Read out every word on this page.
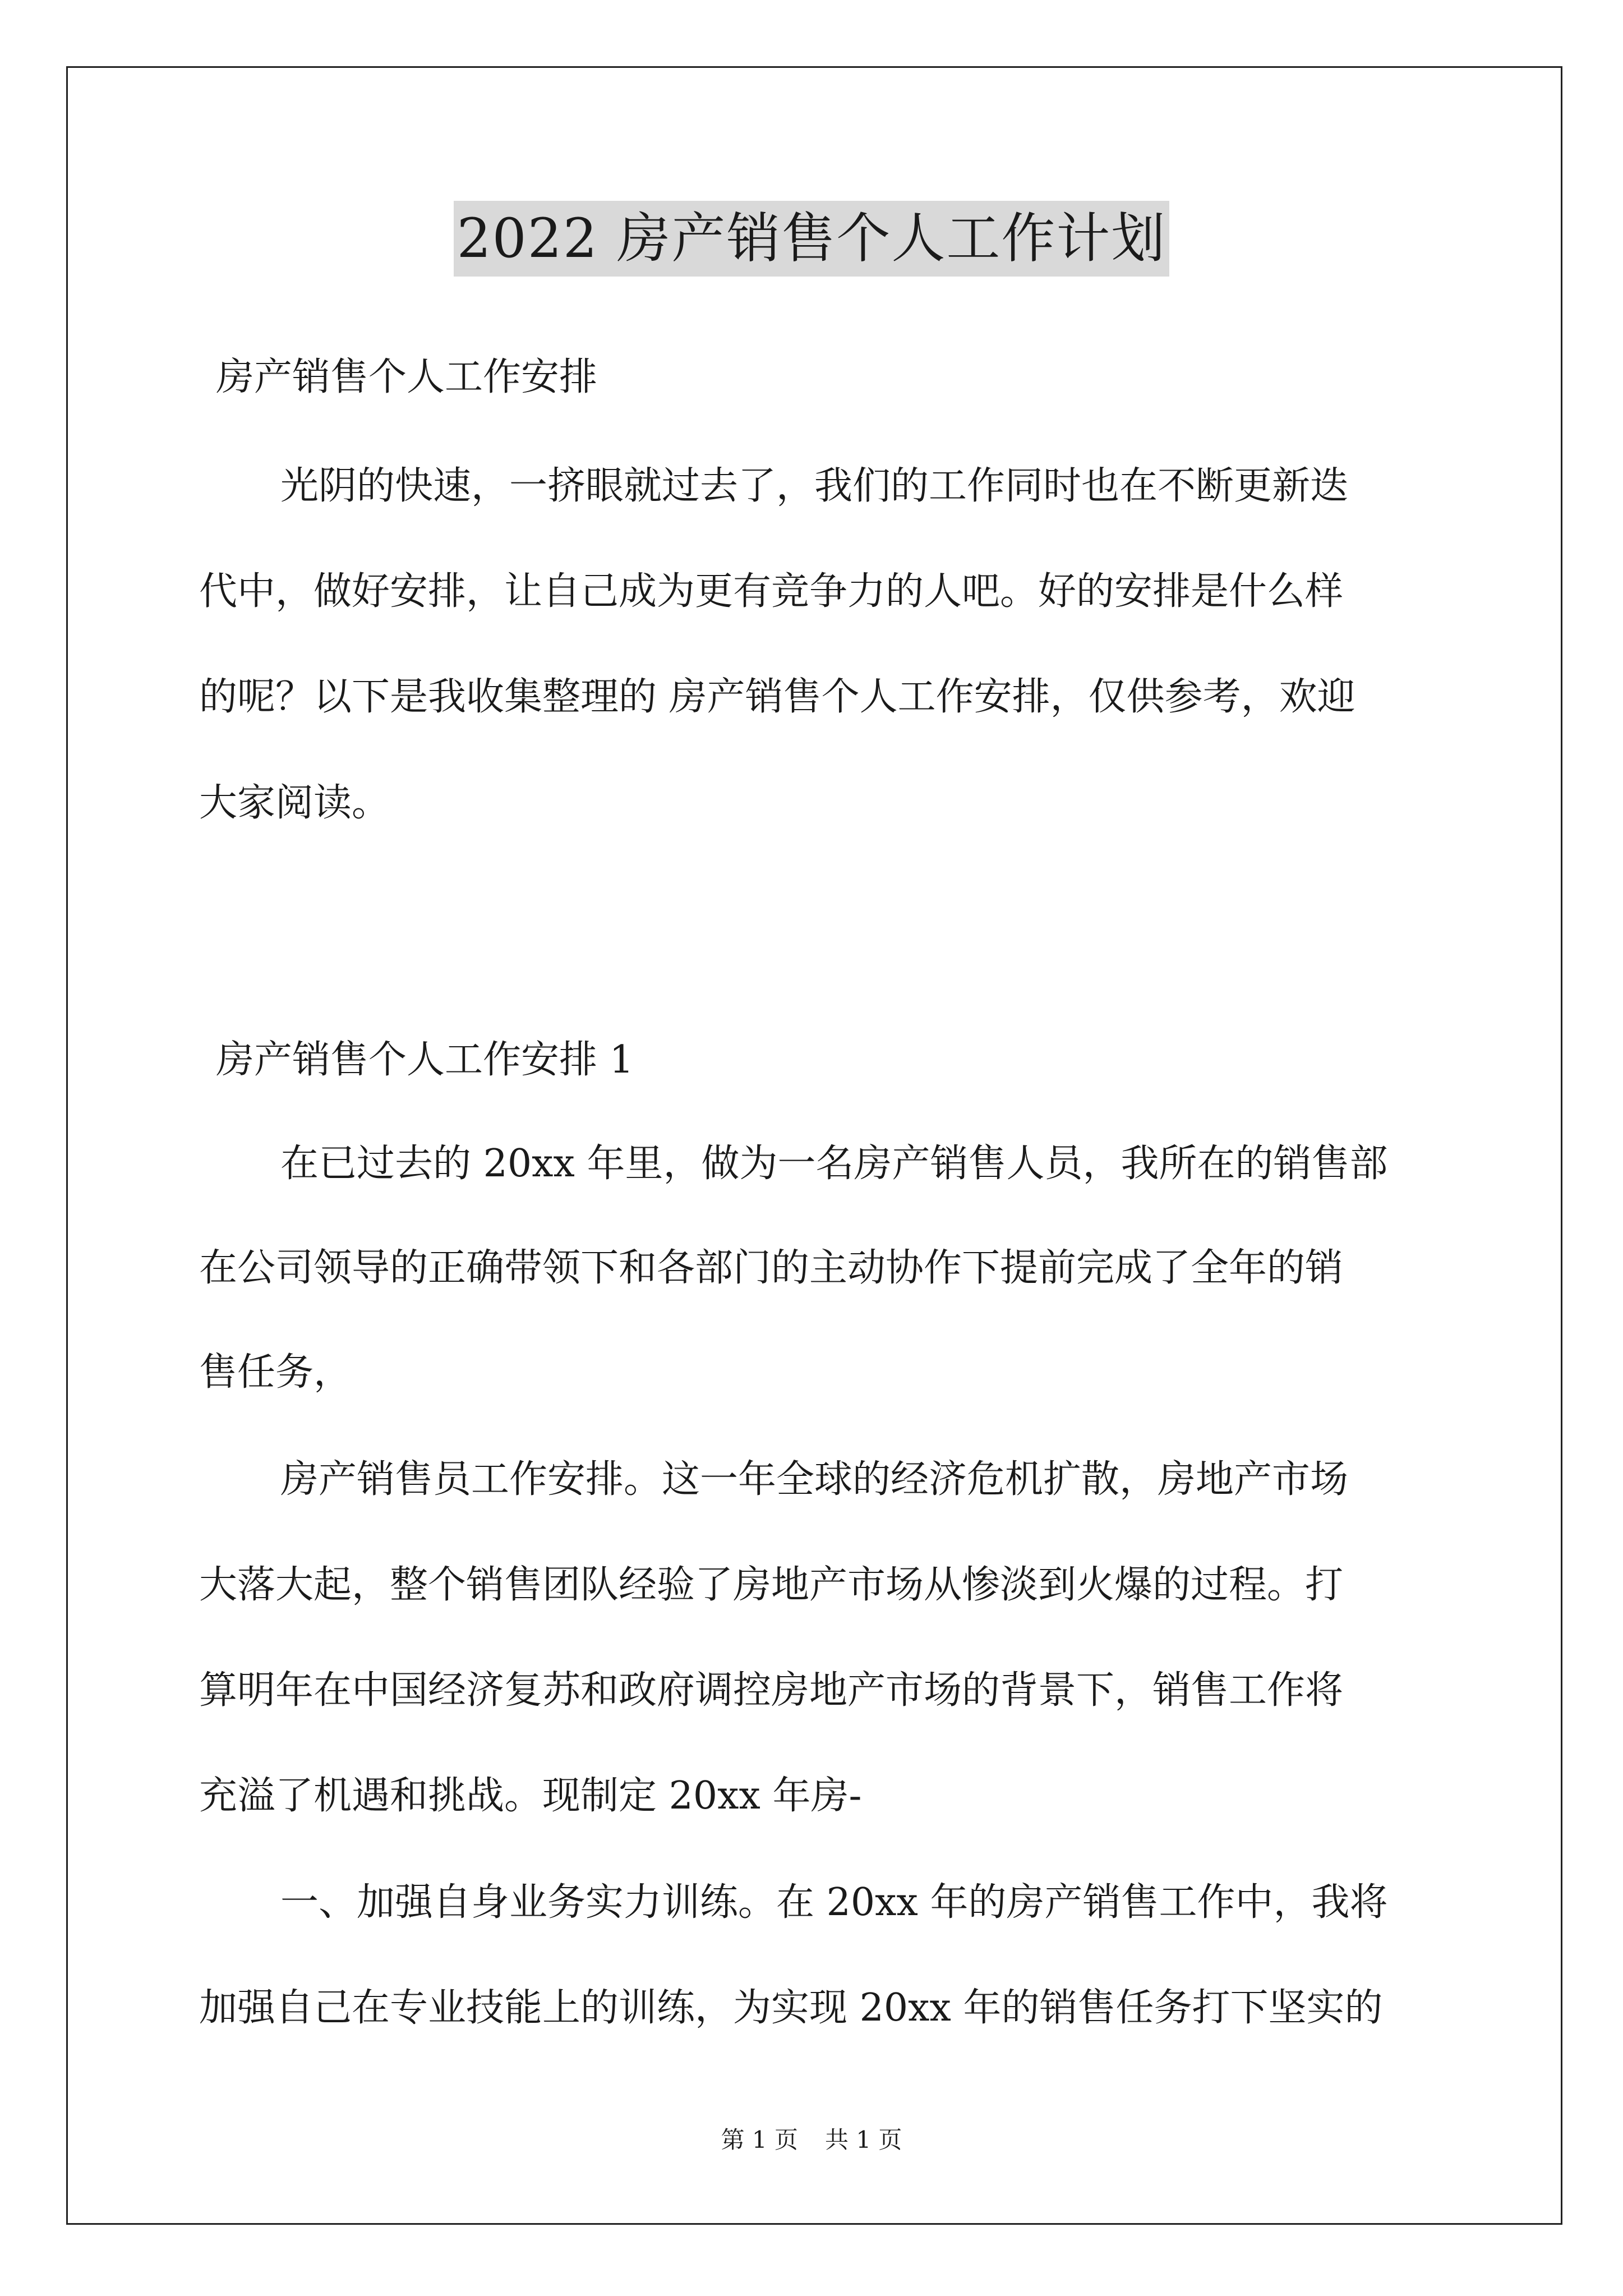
2022 房产销售个人工作计划
房产销售个人工作安排
光阴的快速，一挤眼就过去了，我们的工作同时也在不断更新迭
代中，做好安排，让自己成为更有竞争力的人吧。好的安排是什么样
的呢？以下是我收集整理的 房产销售个人工作安排，仅供参考，欢迎
大家阅读。
房产销售个人工作安排 1
在已过去的 20xx 年里，做为一名房产销售人员，我所在的销售部
在公司领导的正确带领下和各部门的主动协作下提前完成了全年的销
售任务，
房产销售员工作安排。这一年全球的经济危机扩散，房地产市场
大落大起，整个销售团队经验了房地产市场从惨淡到火爆的过程。打
算明年在中国经济复苏和政府调控房地产市场的背景下，销售工作将
充溢了机遇和挑战。现制定 20xx 年房-
一、加强自身业务实力训练。在 20xx 年的房产销售工作中，我将
加强自己在专业技能上的训练，为实现 20xx 年的销售任务打下坚实的
第 1 页 共 1 页
